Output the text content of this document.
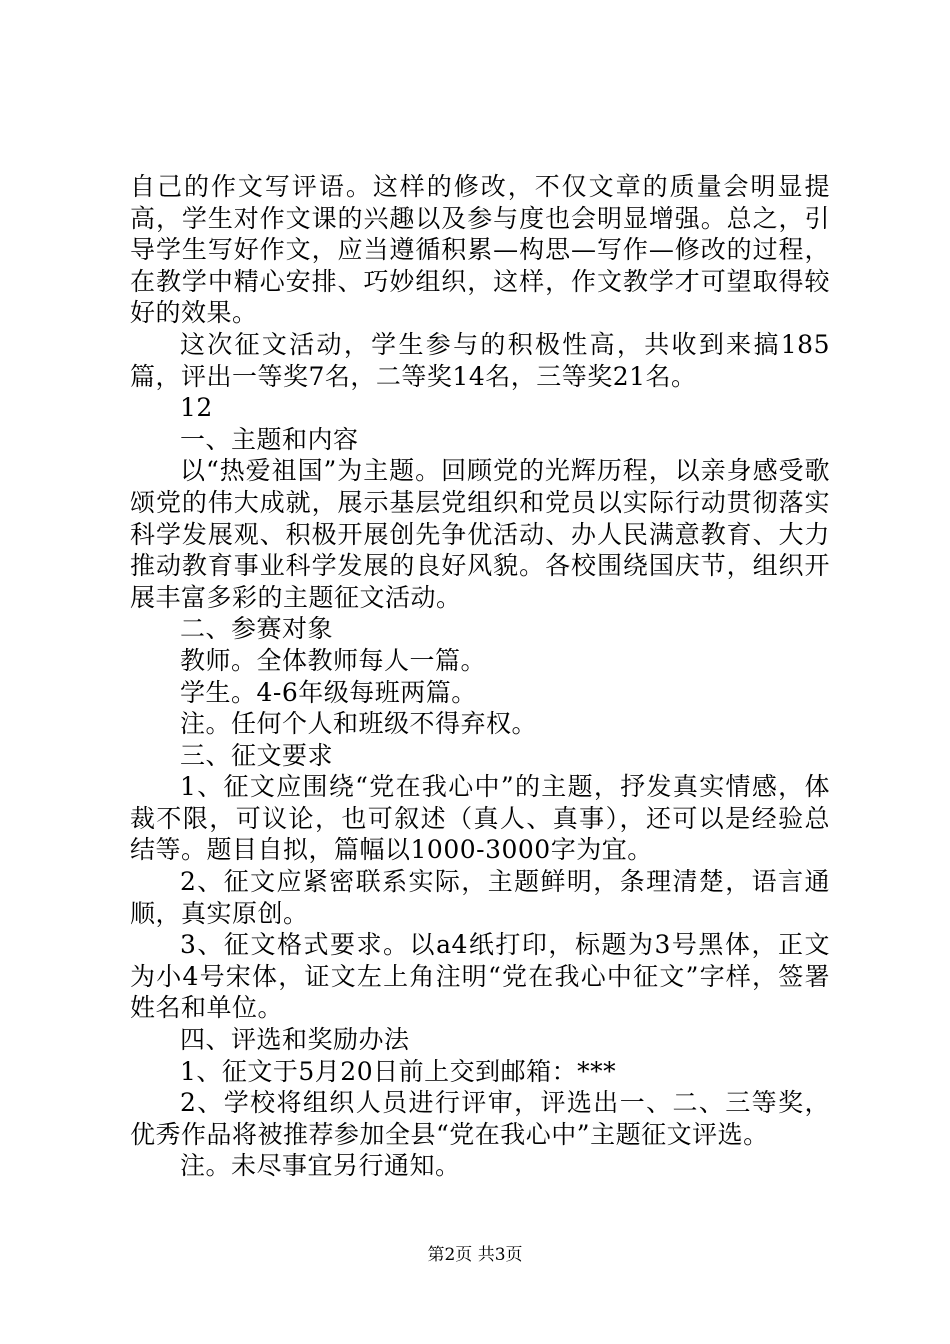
自己的作文写评语。这样的修改，不仅文章的质量会明显提高，学生对作文课的兴趣以及参与度也会明显增强。总之，引导学生写好作文，应当遵循积累—构思—写作—修改的过程，在教学中精心安排、巧妙组织，这样，作文教学才可望取得较好的效果。

这次征文活动，学生参与的积极性高，共收到来搞185篇，评出一等奖7名，二等奖14名，三等奖21名。

12

一、主题和内容

以“热爱祖国”为主题。回顾党的光辉历程，以亲身感受歌颂党的伟大成就，展示基层党组织和党员以实际行动贯彻落实科学发展观、积极开展创先争优活动、办人民满意教育、大力推动教育事业科学发展的良好风貌。各校围绕国庆节，组织开展丰富多彩的主题征文活动。

二、参赛对象

教师。全体教师每人一篇。

学生。4-6年级每班两篇。

注。任何个人和班级不得弃权。

三、征文要求

1、征文应围绕“党在我心中”的主题，抒发真实情感，体裁不限，可议论，也可叙述（真人、真事），还可以是经验总结等。题目自拟，篇幅以1000-3000字为宜。

2、征文应紧密联系实际，主题鲜明，条理清楚，语言通顺，真实原创。

3、征文格式要求。以a4纸打印，标题为3号黑体，正文为小4号宋体，证文左上角注明“党在我心中征文”字样，签署姓名和单位。

四、评选和奖励办法

1、征文于5月20日前上交到邮箱：***

2、学校将组织人员进行评审，评选出一、二、三等奖，优秀作品将被推荐参加全县“党在我心中”主题征文评选。

注。未尽事宜另行通知。

第2页 共3页
